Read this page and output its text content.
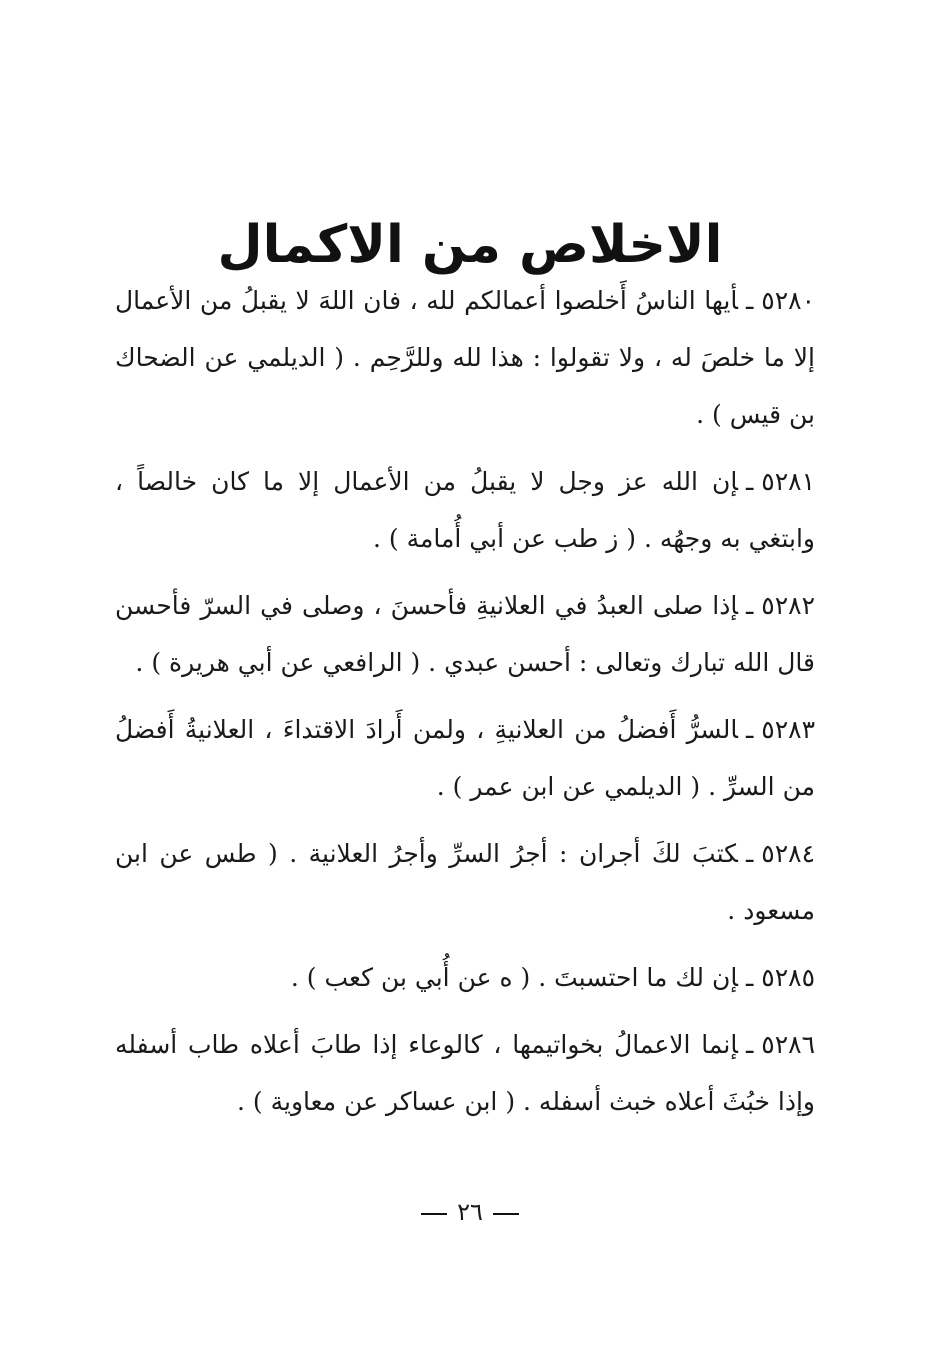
الاخلاص من الاكمال

٥٢٨٠ـأيها الناسُ أَخلصوا أعمالكم لله ، فان اللهَ لا يقبلُ من الأعمال إلا ما خلصَ له ، ولا تقولوا : هذا لله وللرَّحِم . ( الديلمي عن الضحاك بن قيس ) .

٥٢٨١ـإن الله عز وجل لا يقبلُ من الأعمال إلا ما كان خالصاً ، وابتغي به وجهُه . ( ز طب عن أبي أُمامة ) .

٥٢٨٢ـإذا صلى العبدُ في العلانيةِ فأحسنَ ، وصلى في السرّ فأحسن قال الله تبارك وتعالى : أحسن عبدي . ( الرافعي عن أبي هريرة ) .

٥٢٨٣ـالسرُّ أَفضلُ من العلانيةِ ، ولمن أَرادَ الاقتداءَ ، العلانيةُ أَفضلُ من السرِّ . ( الديلمي عن ابن عمر ) .

٥٢٨٤ـكتبَ لكَ أجران : أجرُ السرِّ وأجرُ العلانية . ( طس عن ابن مسعود .

٥٢٨٥ـإن لك ما احتسبتَ . ( ه عن أُبي بن كعب ) .

٥٢٨٦ـإنما الاعمالُ بخواتيمها ، كالوعاء إذا طابَ أعلاه طاب أسفله وإذا خبُثَ أعلاه خبث أسفله . ( ابن عساكر عن معاوية ) .

٢٦
